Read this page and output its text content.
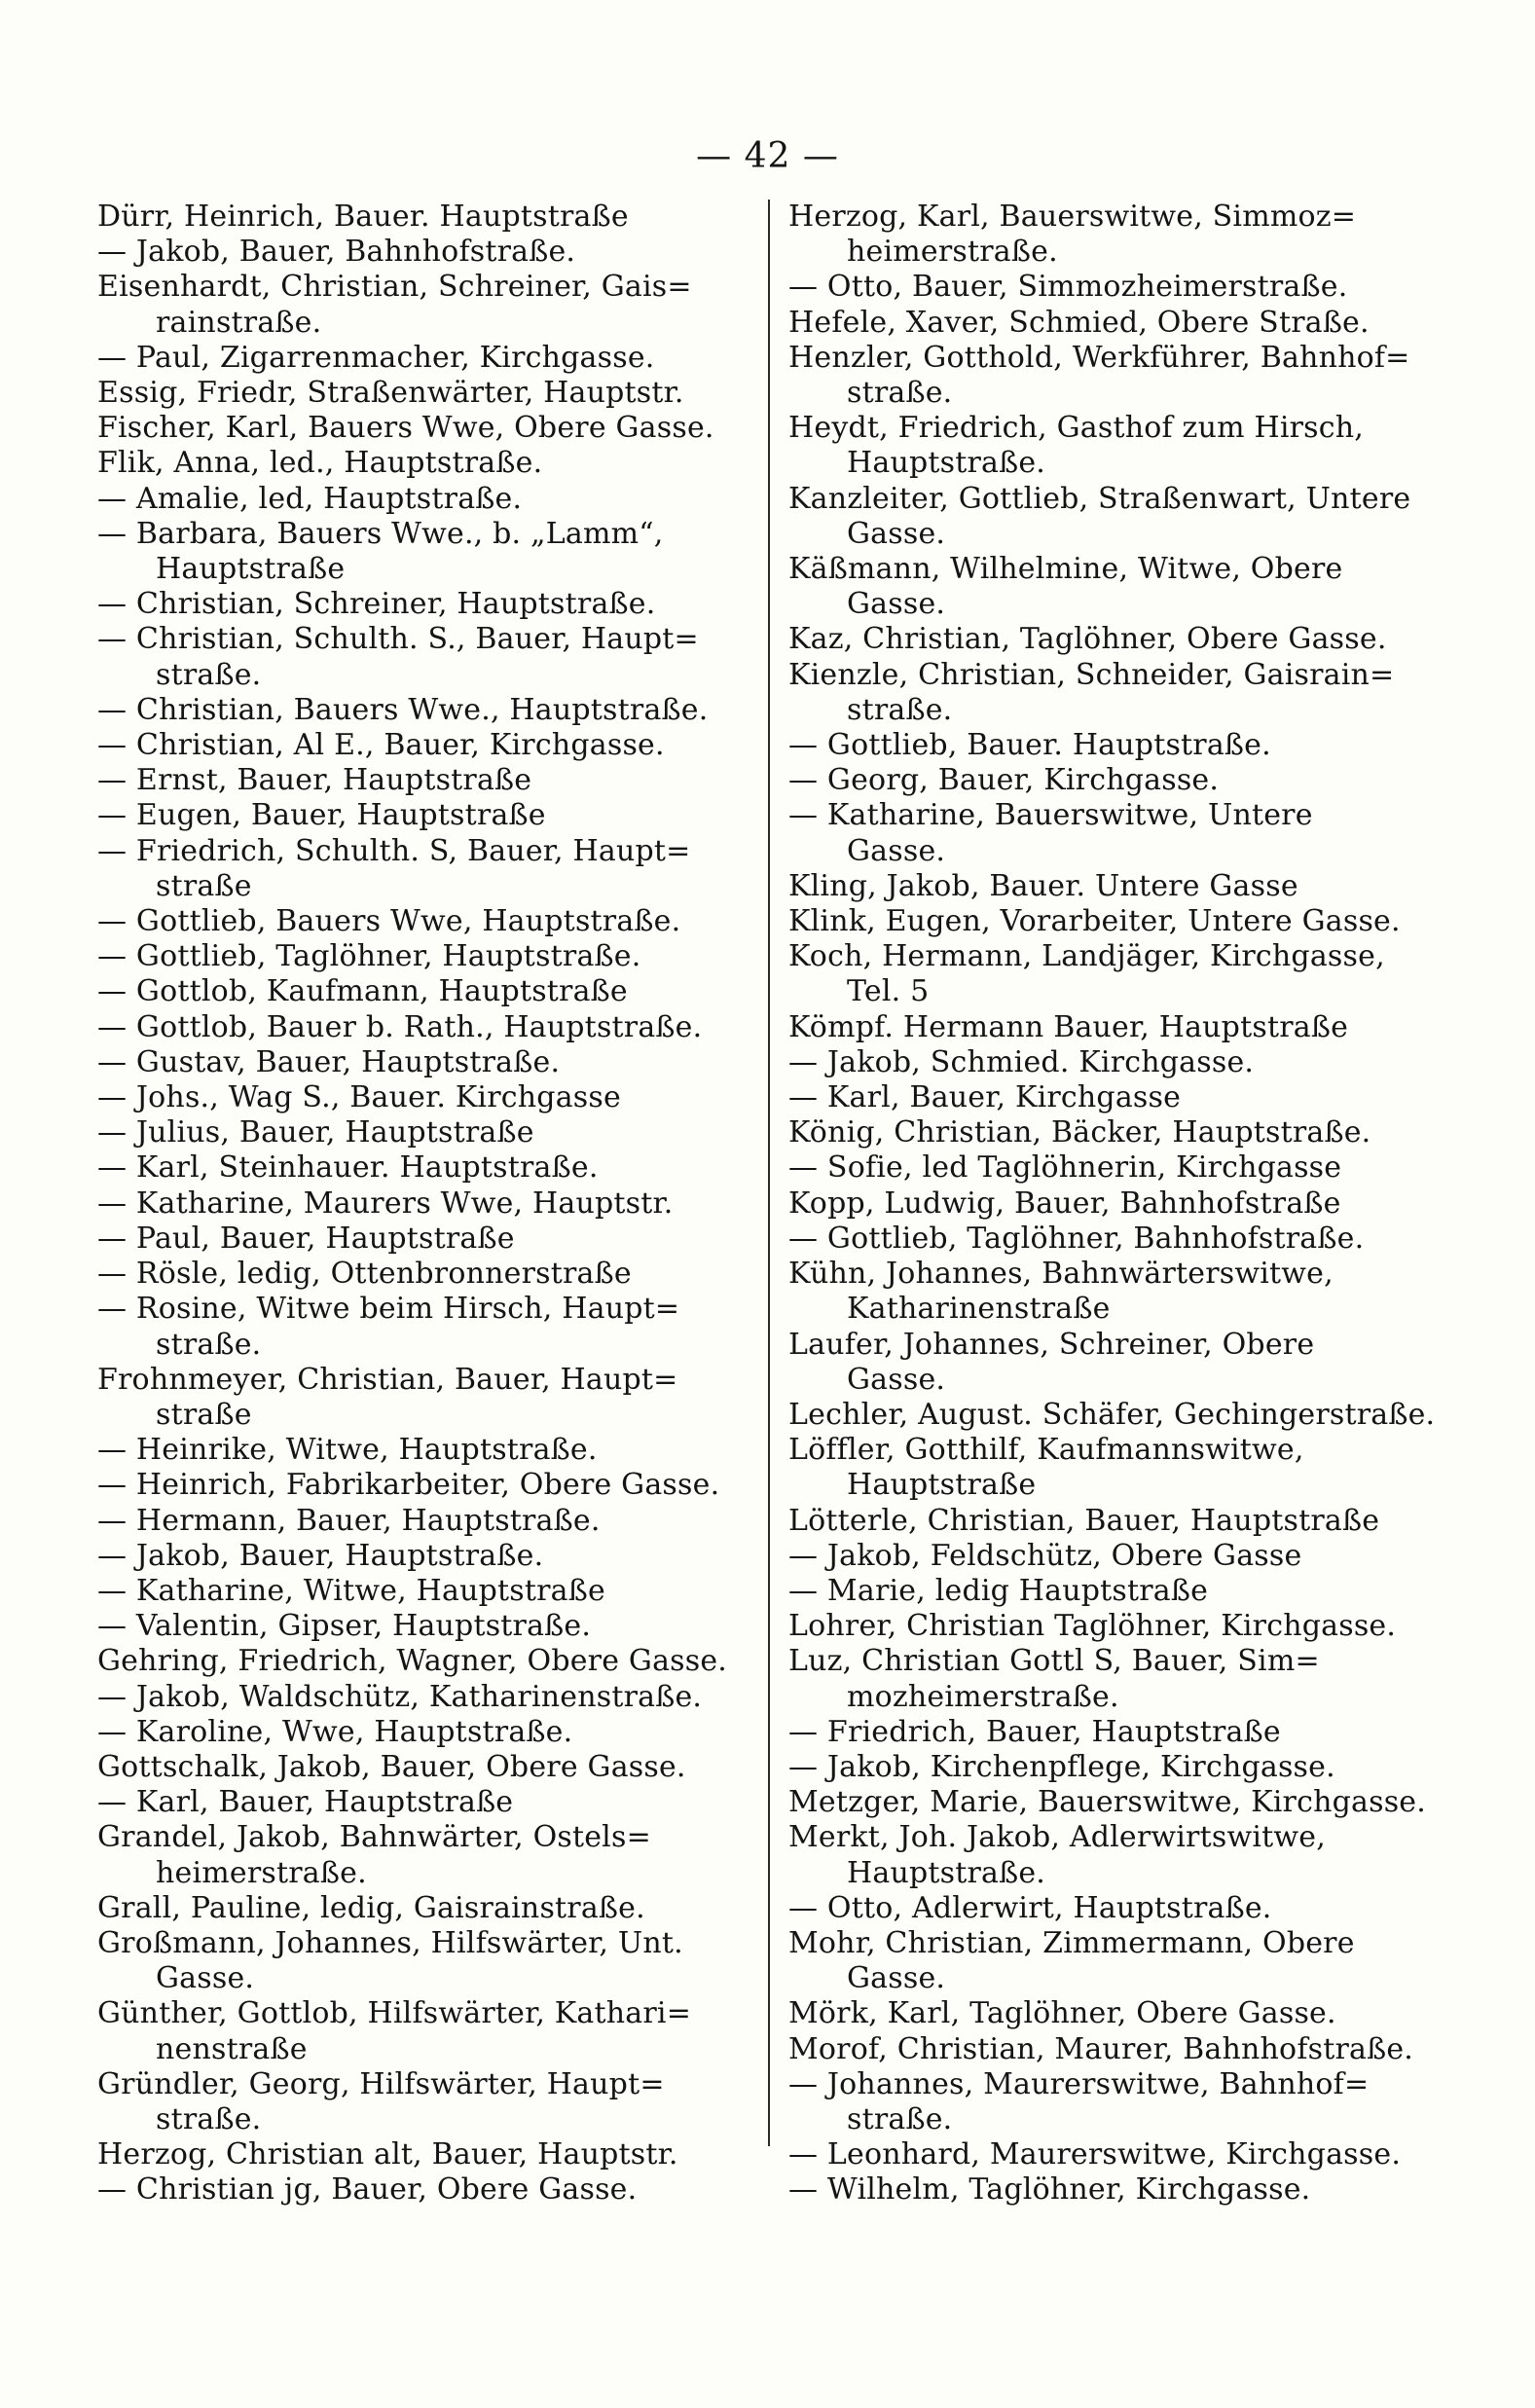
— 42 —
Dürr, Heinrich, Bauer. Hauptstraße
— Jakob, Bauer, Bahnhofstraße.
Eisenhardt, Christian, Schreiner, Gais=
rainstraße.
— Paul, Zigarrenmacher, Kirchgasse.
Essig, Friedr, Straßenwärter, Hauptstr.
Fischer, Karl, Bauers Wwe, Obere Gasse.
Flik, Anna, led., Hauptstraße.
— Amalie, led, Hauptstraße.
— Barbara, Bauers Wwe., b. „Lamm“,
Hauptstraße
— Christian, Schreiner, Hauptstraße.
— Christian, Schulth. S., Bauer, Haupt=
straße.
— Christian, Bauers Wwe., Hauptstraße.
— Christian, Al E., Bauer, Kirchgasse.
— Ernst, Bauer, Hauptstraße
— Eugen, Bauer, Hauptstraße
— Friedrich, Schulth. S, Bauer, Haupt=
straße
— Gottlieb, Bauers Wwe, Hauptstraße.
— Gottlieb, Taglöhner, Hauptstraße.
— Gottlob, Kaufmann, Hauptstraße
— Gottlob, Bauer b. Rath., Hauptstraße.
— Gustav, Bauer, Hauptstraße.
— Johs., Wag S., Bauer. Kirchgasse
— Julius, Bauer, Hauptstraße
— Karl, Steinhauer. Hauptstraße.
— Katharine, Maurers Wwe, Hauptstr.
— Paul, Bauer, Hauptstraße
— Rösle, ledig, Ottenbronnerstraße
— Rosine, Witwe beim Hirsch, Haupt=
straße.
Frohnmeyer, Christian, Bauer, Haupt=
straße
— Heinrike, Witwe, Hauptstraße.
— Heinrich, Fabrikarbeiter, Obere Gasse.
— Hermann, Bauer, Hauptstraße.
— Jakob, Bauer, Hauptstraße.
— Katharine, Witwe, Hauptstraße
— Valentin, Gipser, Hauptstraße.
Gehring, Friedrich, Wagner, Obere Gasse.
— Jakob, Waldschütz, Katharinenstraße.
— Karoline, Wwe, Hauptstraße.
Gottschalk, Jakob, Bauer, Obere Gasse.
— Karl, Bauer, Hauptstraße
Grandel, Jakob, Bahnwärter, Ostels=
heimerstraße.
Grall, Pauline, ledig, Gaisrainstraße.
Großmann, Johannes, Hilfswärter, Unt.
Gasse.
Günther, Gottlob, Hilfswärter, Kathari=
nenstraße
Gründler, Georg, Hilfswärter, Haupt=
straße.
Herzog, Christian alt, Bauer, Hauptstr.
— Christian jg, Bauer, Obere Gasse.
Herzog, Karl, Bauerswitwe, Simmoz=
heimerstraße.
— Otto, Bauer, Simmozheimerstraße.
Hefele, Xaver, Schmied, Obere Straße.
Henzler, Gotthold, Werkführer, Bahnhof=
straße.
Heydt, Friedrich, Gasthof zum Hirsch,
Hauptstraße.
Kanzleiter, Gottlieb, Straßenwart, Untere
Gasse.
Käßmann, Wilhelmine, Witwe, Obere
Gasse.
Kaz, Christian, Taglöhner, Obere Gasse.
Kienzle, Christian, Schneider, Gaisrain=
straße.
— Gottlieb, Bauer. Hauptstraße.
— Georg, Bauer, Kirchgasse.
— Katharine, Bauerswitwe, Untere
Gasse.
Kling, Jakob, Bauer. Untere Gasse
Klink, Eugen, Vorarbeiter, Untere Gasse.
Koch, Hermann, Landjäger, Kirchgasse,
Tel. 5
Kömpf. Hermann Bauer, Hauptstraße
— Jakob, Schmied. Kirchgasse.
— Karl, Bauer, Kirchgasse
König, Christian, Bäcker, Hauptstraße.
— Sofie, led Taglöhnerin, Kirchgasse
Kopp, Ludwig, Bauer, Bahnhofstraße
— Gottlieb, Taglöhner, Bahnhofstraße.
Kühn, Johannes, Bahnwärterswitwe,
Katharinenstraße
Laufer, Johannes, Schreiner, Obere
Gasse.
Lechler, August. Schäfer, Gechingerstraße.
Löffler, Gotthilf, Kaufmannswitwe,
Hauptstraße
Lötterle, Christian, Bauer, Hauptstraße
— Jakob, Feldschütz, Obere Gasse
— Marie, ledig Hauptstraße
Lohrer, Christian Taglöhner, Kirchgasse.
Luz, Christian Gottl S, Bauer, Sim=
mozheimerstraße.
— Friedrich, Bauer, Hauptstraße
— Jakob, Kirchenpflege, Kirchgasse.
Metzger, Marie, Bauerswitwe, Kirchgasse.
Merkt, Joh. Jakob, Adlerwirtswitwe,
Hauptstraße.
— Otto, Adlerwirt, Hauptstraße.
Mohr, Christian, Zimmermann, Obere
Gasse.
Mörk, Karl, Taglöhner, Obere Gasse.
Morof, Christian, Maurer, Bahnhofstraße.
— Johannes, Maurerswitwe, Bahnhof=
straße.
— Leonhard, Maurerswitwe, Kirchgasse.
— Wilhelm, Taglöhner, Kirchgasse.
